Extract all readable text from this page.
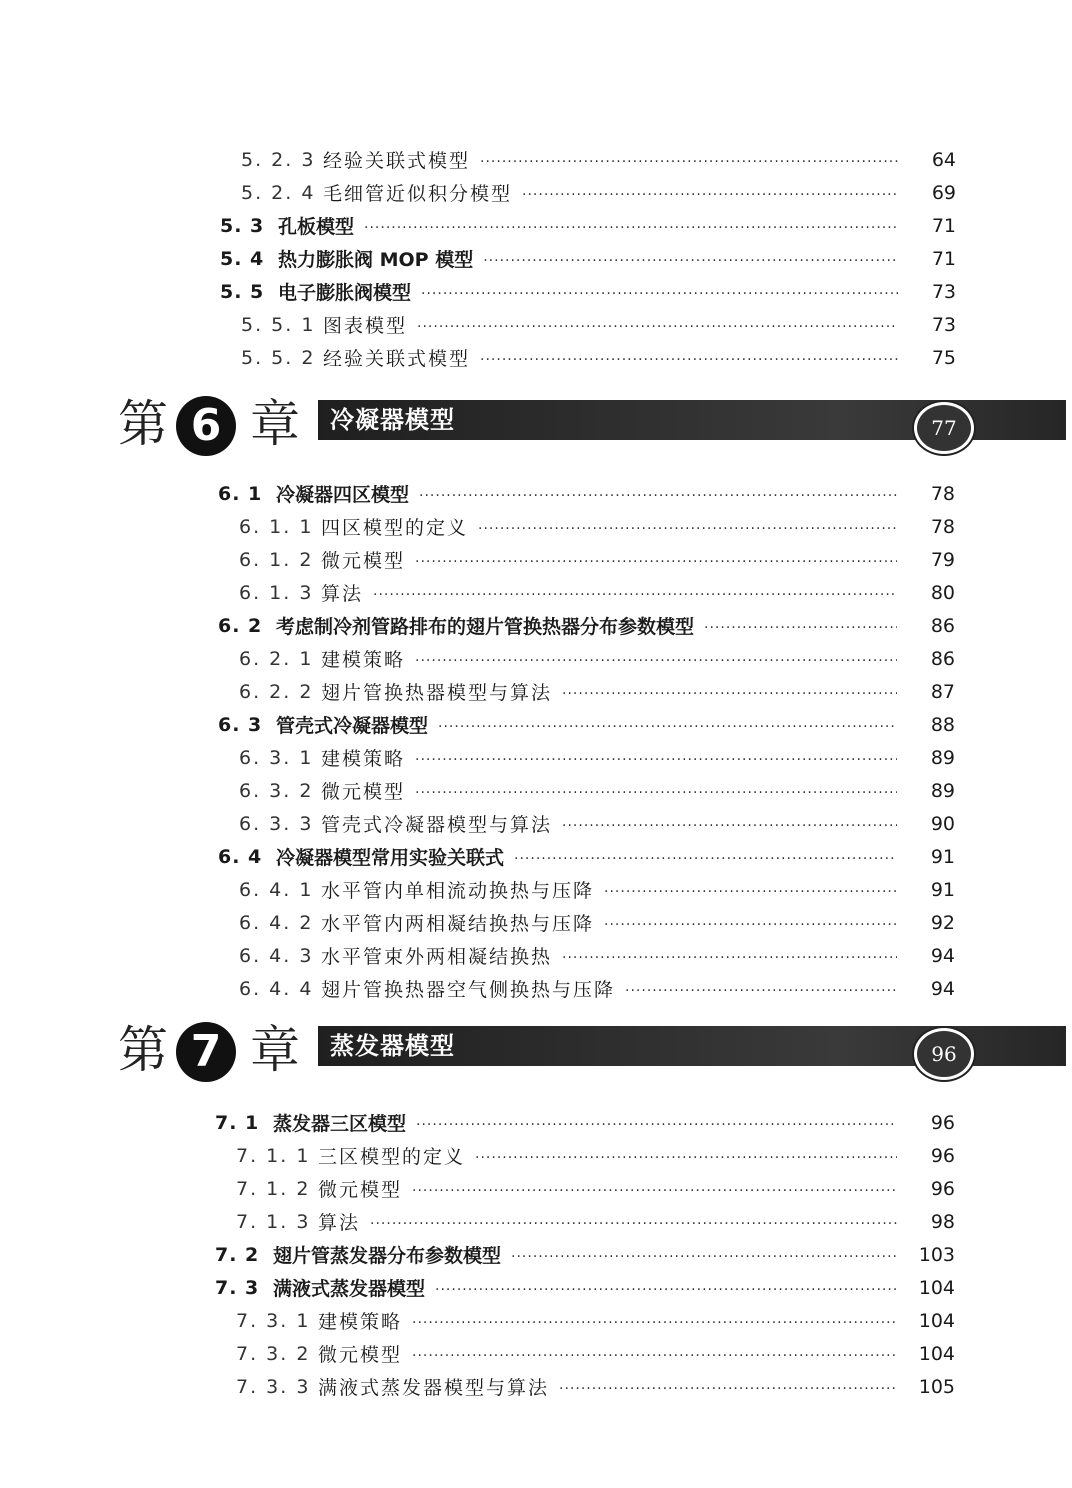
5. 2. 3 经验关联式模型 ·····	64
5. 2. 4 毛细管近似积分模型 ·····	69
5. 3 孔板模型 ·····	71
5. 4 热力膨胀阀 MOP 模型 ·····	71
5. 5 电子膨胀阀模型 ·····	73
5. 5. 1 图表模型 ·····	73
5. 5. 2 经验关联式模型 ·····	75
第 6 章 冷凝器模型	77
6. 1 冷凝器四区模型 ·····	78
6. 1. 1 四区模型的定义 ·····	78
6. 1. 2 微元模型 ·····	79
6. 1. 3 算法 ·····	80
6. 2 考虑制冷剂管路排布的翅片管换热器分布参数模型 ·····	86
6. 2. 1 建模策略 ·····	86
6. 2. 2 翅片管换热器模型与算法 ·····	87
6. 3 管壳式冷凝器模型 ·····	88
6. 3. 1 建模策略 ·····	89
6. 3. 2 微元模型 ·····	89
6. 3. 3 管壳式冷凝器模型与算法 ·····	90
6. 4 冷凝器模型常用实验关联式 ·····	91
6. 4. 1 水平管内单相流动换热与压降 ·····	91
6. 4. 2 水平管内两相凝结换热与压降 ·····	92
6. 4. 3 水平管束外两相凝结换热 ·····	94
6. 4. 4 翅片管换热器空气侧换热与压降 ·····	94
第 7 章 蒸发器模型	96
7. 1 蒸发器三区模型 ·····	96
7. 1. 1 三区模型的定义 ·····	96
7. 1. 2 微元模型 ·····	96
7. 1. 3 算法 ·····	98
7. 2 翅片管蒸发器分布参数模型 ·····	103
7. 3 满液式蒸发器模型 ·····	104
7. 3. 1 建模策略 ·····	104
7. 3. 2 微元模型 ·····	104
7. 3. 3 满液式蒸发器模型与算法 ·····	105
